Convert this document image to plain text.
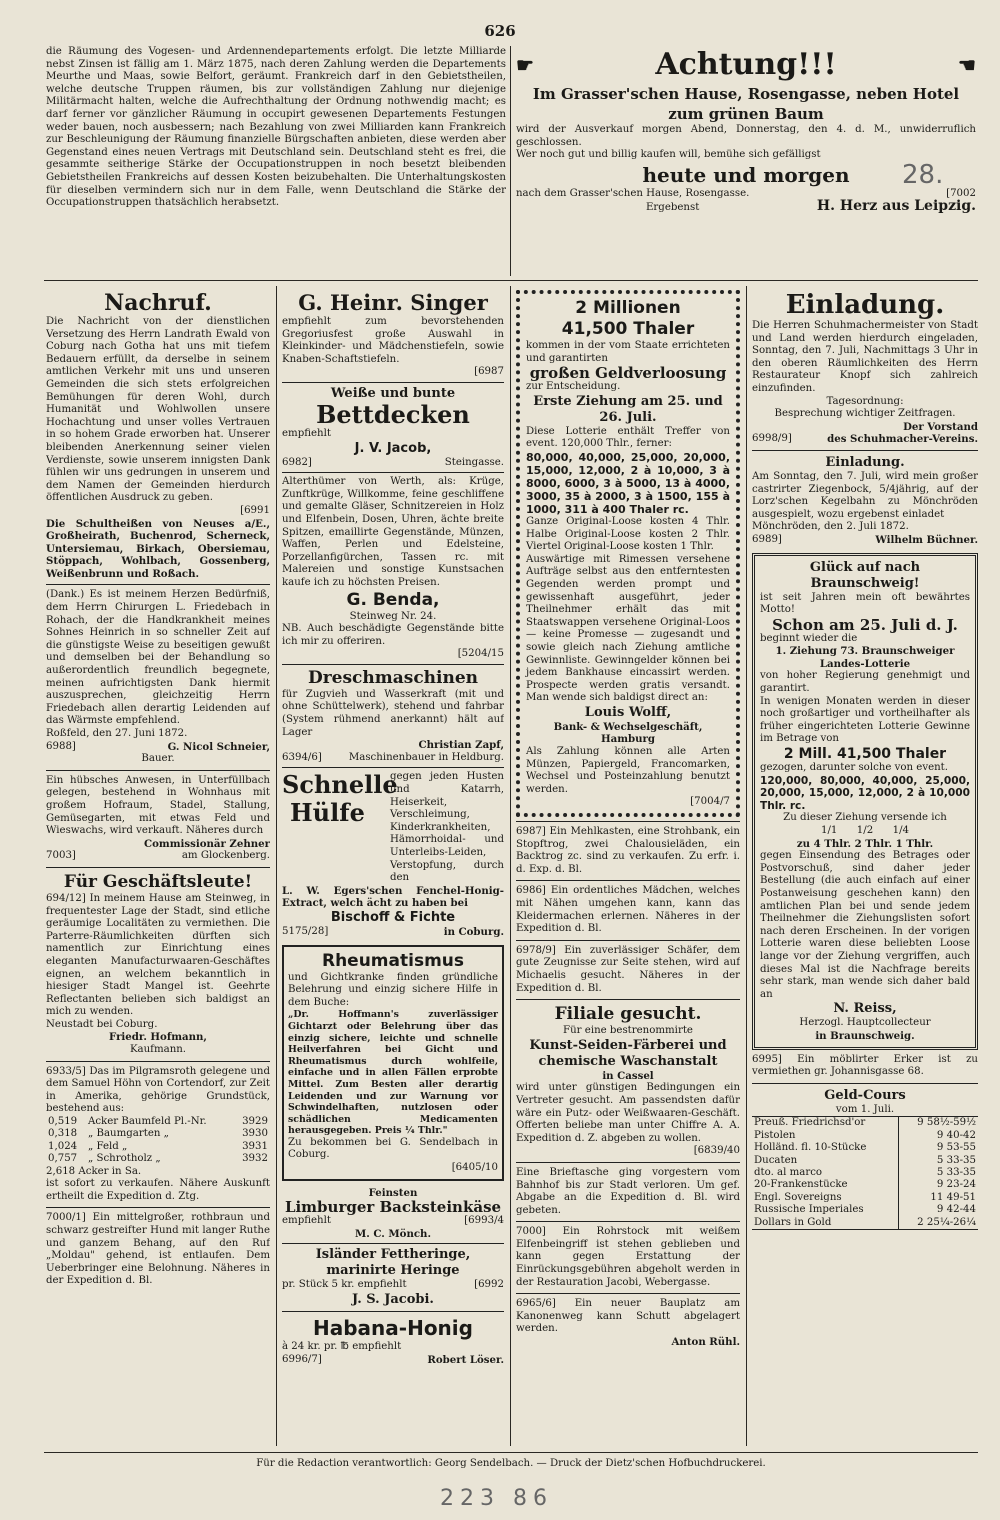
626

die Räumung des Vogesen- und Ardennendepartements erfolgt. Die letzte Milliarde nebst Zinsen ist fällig am 1. März 1875, nach deren Zahlung werden die Departements Meurthe und Maas, sowie Belfort, geräumt. Frankreich darf in den Gebietstheilen, welche deutsche Truppen räumen, bis zur vollständigen Zahlung nur diejenige Militärmacht halten, welche die Aufrechthaltung der Ordnung nothwendig macht; es darf ferner vor gänzlicher Räumung in occupirt gewesenen Departements Festungen weder bauen, noch ausbessern; nach Bezahlung von zwei Milliarden kann Frankreich zur Beschleunigung der Räumung finanzielle Bürgschaften anbieten, diese werden aber Gegenstand eines neuen Vertrags mit Deutschland sein. Deutschland steht es frei, die gesammte seitherige Stärke der Occupationstruppen in noch besetzt bleibenden Gebietstheilen Frankreichs auf dessen Kosten beizubehalten. Die Unterhaltungskosten für dieselben vermindern sich nur in dem Falle, wenn Deutschland die Stärke der Occupationstruppen thatsächlich herabsetzt.

☛	Achtung!!!	☚
Im Grasser'schen Hause, Rosengasse, neben Hotel
zum grünen Baum

wird der Ausverkauf morgen Abend, Donnerstag, den 4. d. M., unwiderruflich geschlossen.

Wer noch gut und billig kaufen will, bemühe sich gefälligst

heute und morgen
nach dem Grasser'schen Hause, Rosengasse.	[7002
Ergebenst	H. Herz aus Leipzig.
Nachruf.

Die Nachricht von der dienstlichen Versetzung des Herrn Landrath Ewald von Coburg nach Gotha hat uns mit tiefem Bedauern erfüllt, da derselbe in seinem amtlichen Verkehr mit uns und unseren Gemeinden die sich stets erfolgreichen Bemühungen für deren Wohl, durch Humanität und Wohlwollen unsere Hochachtung und unser volles Vertrauen in so hohem Grade erworben hat. Unserer bleibenden Anerkennung seiner vielen Verdienste, sowie unserem innigsten Dank fühlen wir uns gedrungen in unserem und dem Namen der Gemeinden hierdurch öffentlichen Ausdruck zu geben.

[6991

Die Schultheißen von Neuses a/E., Großheirath, Buchenrod, Scherneck, Untersiemau, Birkach, Obersiemau, Stöppach, Wohlbach, Gossenberg, Weißenbrunn und Roßach.

(Dank.) Es ist meinem Herzen Bedürfniß, dem Herrn Chirurgen L. Friedebach in Rohach, der die Handkrankheit meines Sohnes Heinrich in so schneller Zeit auf die günstigste Weise zu beseitigen gewußt und demselben bei der Behandlung so außerordentlich freundlich begegnete, meinen aufrichtigsten Dank hiermit auszusprechen, gleichzeitig Herrn Friedebach allen derartig Leidenden auf das Wärmste empfehlend.

Roßfeld, den 27. Juni 1872.
6988]	G. Nicol Schneier,
Bauer.

Ein hübsches Anwesen, in Unterfüllbach gelegen, bestehend in Wohnhaus mit großem Hofraum, Stadel, Stallung, Gemüsegarten, mit etwas Feld und Wieswachs, wird verkauft. Näheres durch

Commissionär Zehner
7003]	am Glockenberg.
Für Geschäftsleute!

694/12] In meinem Hause am Steinweg, in frequentester Lage der Stadt, sind etliche geräumige Localitäten zu vermiethen. Die Parterre-Räumlichkeiten dürften sich namentlich zur Einrichtung eines eleganten Manufacturwaaren-Geschäftes eignen, an welchem bekanntlich in hiesiger Stadt Mangel ist. Geehrte Reflectanten belieben sich baldigst an mich zu wenden.

Neustadt bei Coburg.
Friedr. Hofmann,
Kaufmann.

6933/5] Das im Pilgramsroth gelegene und dem Samuel Höhn von Cortendorf, zur Zeit in Amerika, gehörige Grundstück, bestehend aus:

0,519	Acker Baumfeld Pl.-Nr.	3929
0,318	„ Baumgarten „	3930
1,024	„ Feld „	3931
0,757	„ Schrotholz „	3932
2,618 Acker in Sa.

ist sofort zu verkaufen. Nähere Auskunft ertheilt die Expedition d. Ztg.

7000/1] Ein mittelgroßer, rothbraun und schwarz gestreifter Hund mit langer Ruthe und ganzem Behang, auf den Ruf „Moldau" gehend, ist entlaufen. Dem Ueberbringer eine Belohnung. Näheres in der Expedition d. Bl.

G. Heinr. Singer

empfiehlt zum bevorstehenden Gregoriusfest große Auswahl in Kleinkinder- und Mädchenstiefeln, sowie Knaben-Schaftstiefeln.

[6987
Weiße und bunte
Bettdecken
empfiehlt
J. V. Jacob,
6982]	Steingasse.

Alterthümer von Werth, als: Krüge, Zunftkrüge, Willkomme, feine geschliffene und gemalte Gläser, Schnitzereien in Holz und Elfenbein, Dosen, Uhren, ächte breite Spitzen, emaillirte Gegenstände, Münzen, Waffen, Perlen und Edelsteine, Porzellanfigürchen, Tassen rc. mit Malereien und sonstige Kunstsachen kaufe ich zu höchsten Preisen.

G. Benda,
Steinweg Nr. 24.

NB. Auch beschädigte Gegenstände bitte ich mir zu offeriren.

[5204/15
Dreschmaschinen

für Zugvieh und Wasserkraft (mit und ohne Schüttelwerk), stehend und fahrbar (System rühmend anerkannt) hält auf Lager

Christian Zapf,
6394/6]	Maschinenbauer in Heldburg.
Schnelle
Hülfe

gegen jeden Husten und Katarrh, Heiserkeit, Verschleimung, Kinderkrankheiten, Hämorrhoidal- und Unterleibs-Leiden, Verstopfung, durch den

L. W. Egers'schen Fenchel-Honig-Extract, welch ächt zu haben bei

Bischoff & Fichte
5175/28]	in Coburg.
Rheumatismus

und Gichtkranke finden gründliche Belehrung und einzig sichere Hilfe in dem Buche:

„Dr. Hoffmann's zuverlässiger Gichtarzt oder Belehrung über das einzig sichere, leichte und schnelle Heilverfahren bei Gicht und Rheumatismus durch wohlfeile, einfache und in allen Fällen erprobte Mittel. Zum Besten aller derartig Leidenden und zur Warnung vor Schwindelhaften, nutzlosen oder schädlichen Medicamenten herausgegeben. Preis ¼ Thlr."

Zu bekommen bei G. Sendelbach in Coburg.

[6405/10
Feinsten
Limburger Backsteinkäse
empfiehlt	[6993/4
M. C. Mönch.
Isländer Fettheringe, marinirte Heringe
pr. Stück 5 kr. empfiehlt	[6992
J. S. Jacobi.
Habana-Honig
à 24 kr. pr. ℔ empfiehlt
6996/7]	Robert Löser.
2 Millionen
41,500 Thaler

kommen in der vom Staate errichteten und garantirten

großen Geldverloosung
zur Entscheidung.
Erste Ziehung am 25. und 26. Juli.

Diese Lotterie enthält Treffer von event. 120,000 Thlr., ferner:

80,000, 40,000, 25,000, 20,000, 15,000, 12,000, 2 à 10,000, 3 à 8000, 6000, 3 à 5000, 13 à 4000, 3000, 35 à 2000, 3 à 1500, 155 à 1000, 311 à 400 Thaler rc.

Ganze Original-Loose kosten 4 Thlr. Halbe Original-Loose kosten 2 Thlr. Viertel Original-Loose kosten 1 Thlr.

Auswärtige mit Rimessen versehene Aufträge selbst aus den entferntesten Gegenden werden prompt und gewissenhaft ausgeführt, jeder Theilnehmer erhält das mit Staatswappen versehene Original-Loos — keine Promesse — zugesandt und sowie gleich nach Ziehung amtliche Gewinnliste. Gewinngelder können bei jedem Bankhause eincassirt werden. Prospecte werden gratis versandt. Man wende sich baldigst direct an:

Louis Wolff,
Bank- & Wechselgeschäft, Hamburg

Als Zahlung können alle Arten Münzen, Papiergeld, Francomarken, Wechsel und Posteinzahlung benutzt werden.

[7004/7

6987] Ein Mehlkasten, eine Strohbank, ein Stopftrog, zwei Chalousieläden, ein Backtrog zc. sind zu verkaufen. Zu erfr. i. d. Exp. d. Bl.

6986] Ein ordentliches Mädchen, welches mit Nähen umgehen kann, kann das Kleidermachen erlernen. Näheres in der Expedition d. Bl.

6978/9] Ein zuverlässiger Schäfer, dem gute Zeugnisse zur Seite stehen, wird auf Michaelis gesucht. Näheres in der Expedition d. Bl.

Filiale gesucht.
Für eine bestrenommirte
Kunst-Seiden-Färberei und chemische Waschanstalt
in Cassel

wird unter günstigen Bedingungen ein Vertreter gesucht. Am passendsten dafür wäre ein Putz- oder Weißwaaren-Geschäft. Offerten beliebe man unter Chiffre A. A. Expedition d. Z. abgeben zu wollen.

[6839/40

Eine Brieftasche ging vorgestern vom Bahnhof bis zur Stadt verloren. Um gef. Abgabe an die Expedition d. Bl. wird gebeten.

7000] Ein Rohrstock mit weißem Elfenbeingriff ist stehen geblieben und kann gegen Erstattung der Einrückungsgebühren abgeholt werden in der Restauration Jacobi, Webergasse.

6965/6] Ein neuer Bauplatz am Kanonenweg kann Schutt abgelagert werden.

Anton Rühl.
Einladung.

Die Herren Schuhmachermeister von Stadt und Land werden hierdurch eingeladen, Sonntag, den 7. Juli, Nachmittags 3 Uhr in den oberen Räumlichkeiten des Herrn Restaurateur Knopf sich zahlreich einzufinden.

Tagesordnung:
Besprechung wichtiger Zeitfragen.
Der Vorstand
6998/9]	des Schuhmacher-Vereins.
Einladung.

Am Sonntag, den 7. Juli, wird mein großer castrirter Ziegenbock, 5/4jährig, auf der Lorz'schen Kegelbahn zu Mönchröden ausgespielt, wozu ergebenst einladet

Mönchröden, den 2. Juli 1872.
6989]	Wilhelm Büchner.
Glück auf nach Braunschweig!

ist seit Jahren mein oft bewährtes Motto!

Schon am 25. Juli d. J.
beginnt wieder die
1. Ziehung 73. Braunschweiger Landes-Lotterie

von hoher Regierung genehmigt und garantirt.

In wenigen Monaten werden in dieser noch großartiger und vortheilhafter als früher eingerichteten Lotterie Gewinne im Betrage von

2 Mill. 41,500 Thaler
gezogen, darunter solche von event.

120,000, 80,000, 40,000, 25,000, 20,000, 15,000, 12,000, 2 à 10,000 Thlr. rc.

Zu dieser Ziehung versende ich
1/1      1/2      1/4
zu 4 Thlr. 2 Thlr. 1 Thlr.

gegen Einsendung des Betrages oder Postvorschuß, sind daher jeder Bestellung (die auch einfach auf einer Postanweisung geschehen kann) den amtlichen Plan bei und sende jedem Theilnehmer die Ziehungslisten sofort nach deren Erscheinen. In der vorigen Lotterie waren diese beliebten Loose lange vor der Ziehung vergriffen, auch dieses Mal ist die Nachfrage bereits sehr stark, man wende sich daher bald an

N. Reiss,
Herzogl. Hauptcollecteur
in Braunschweig.

6995] Ein möblirter Erker ist zu vermiethen gr. Johannisgasse 68.

Geld-Cours
vom 1. Juli.
Preuß. Friedrichsd'or	9 58½-59½
Pistolen	9 40-42
Holländ. fl. 10-Stücke	9 53-55
Ducaten	5 33-35
dto. al marco	5 33-35
20-Frankenstücke	9 23-24
Engl. Sovereigns	11 49-51
Russische Imperiales	9 42-44
Dollars in Gold	2 25¼-26¼
Für die Redaction verantwortlich: Georg Sendelbach. — Druck der Dietz'schen Hofbuchdruckerei.
28.
223 86
